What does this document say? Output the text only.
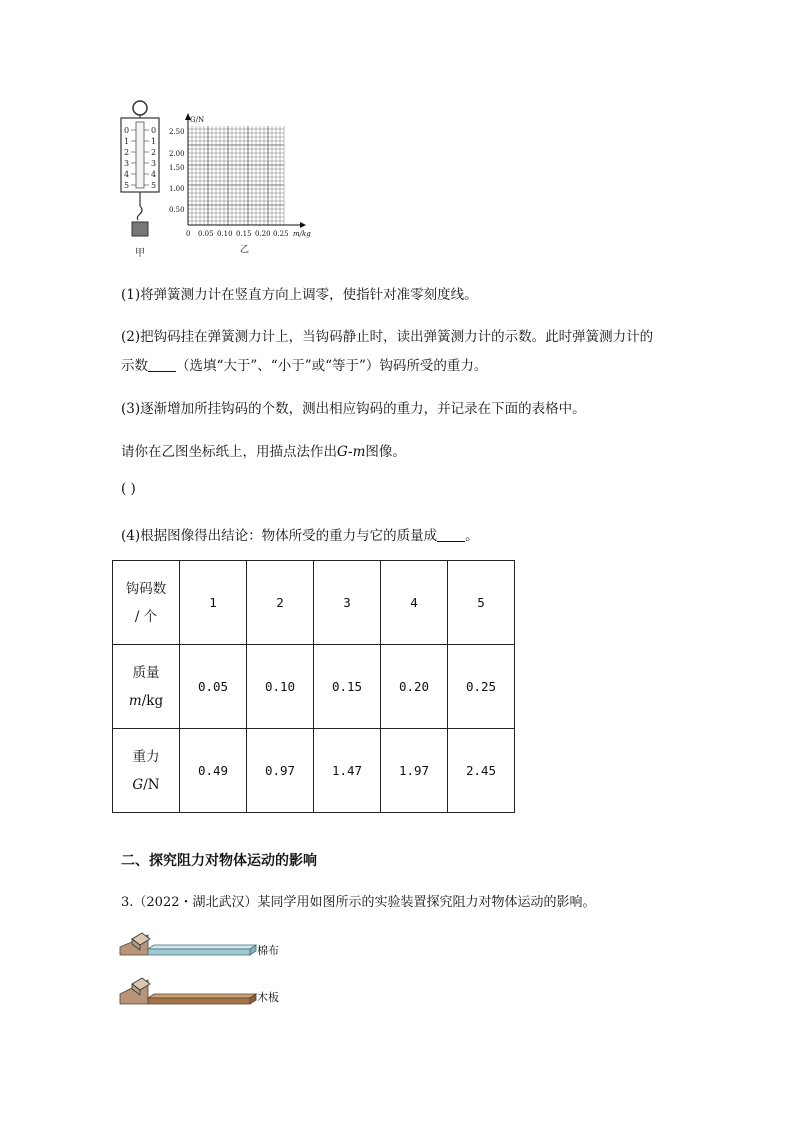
0
1
2
3
4
5
0
1
2
3
4
5
甲
G/N
0.50
1.00
1.50
2.00
2.50
0 0.05 0.10 0.15 0.20 0.25 m/kg
乙
(1)将弹簧测力计在竖直方向上调零，使指针对准零刻度线。
(2)把钩码挂在弹簧测力计上，当钩码静止时，读出弹簧测力计的示数。此时弹簧测力计的
示数 （选填“大于”、“小于”或“等于”）钩码所受的重力。
(3)逐渐增加所挂钩码的个数，测出相应钩码的重力，并记录在下面的表格中。
请你在乙图坐标纸上，用描点法作出G-m图像。
( )
(4)根据图像得出结论：物体所受的重力与它的质量成 。
钩码数
/ 个	1	2	3	4	5
质量
m/kg	0.05	0.10	0.15	0.20	0.25
重力
G/N	0.49	0.97	1.47	1.97	2.45
二、探究阻力对物体运动的影响
3.（2022・湖北武汉）某同学用如图所示的实验装置探究阻力对物体运动的影响。
棉布
木板
